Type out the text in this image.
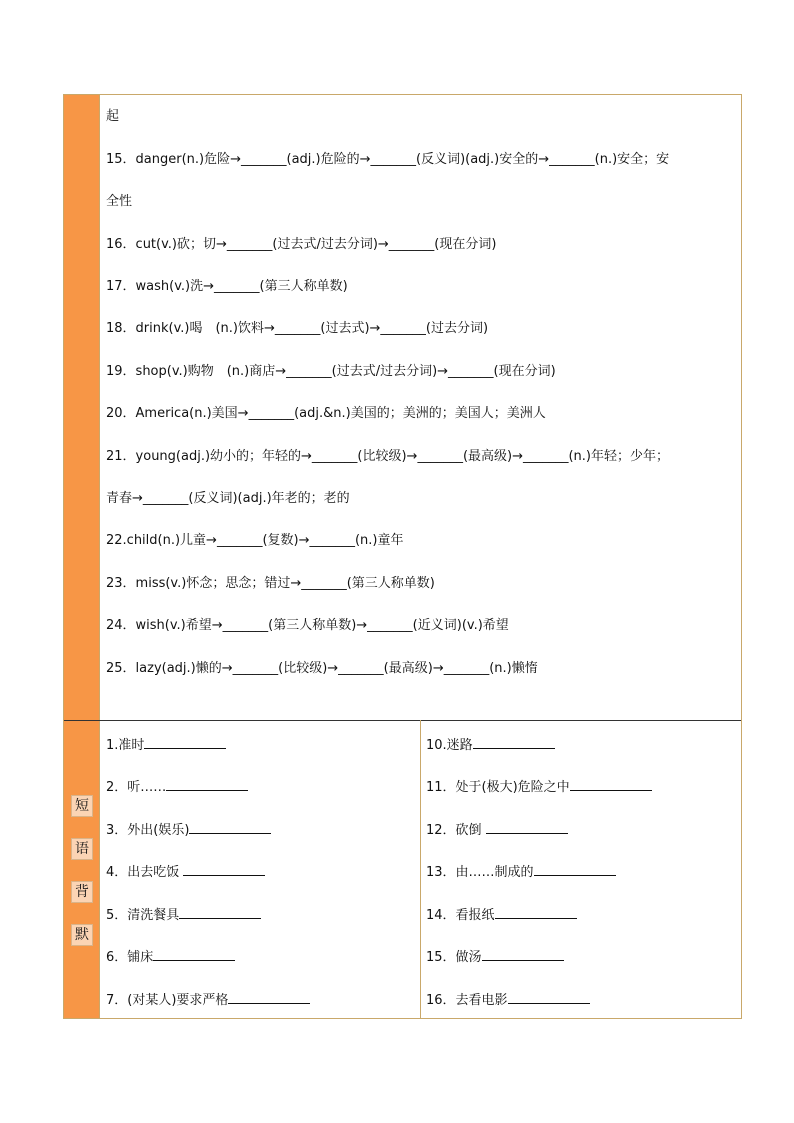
短
语
背
默
起
15．danger(n.)危险→_______(adj.)危险的→_______(反义词)(adj.)安全的→_______(n.)安全；安
全性
16．cut(v.)砍；切→_______(过去式/过去分词)→_______(现在分词)
17．wash(v.)洗→_______(第三人称单数)
18．drink(v.)喝　(n.)饮料→_______(过去式)→_______(过去分词)
19．shop(v.)购物　(n.)商店→_______(过去式/过去分词)→_______(现在分词)
20．America(n.)美国→_______(adj.&n.)美国的；美洲的；美国人；美洲人
21．young(adj.)幼小的；年轻的→_______(比较级)→_______(最高级)→_______(n.)年轻；少年；
青春→_______(反义词)(adj.)年老的；老的
22.child(n.)儿童→_______(复数)→_______(n.)童年
23．miss(v.)怀念；思念；错过→_______(第三人称单数)
24．wish(v.)希望→_______(第三人称单数)→_______(近义词)(v.)希望
25．lazy(adj.)懒的→_______(比较级)→_______(最高级)→_______(n.)懒惰
1.准时
2．听……
3．外出(娱乐)
4．出去吃饭
5．清洗餐具
6．铺床
7．(对某人)要求严格
10.迷路
11．处于(极大)危险之中
12．砍倒
13．由……制成的
14．看报纸
15．做汤
16．去看电影
